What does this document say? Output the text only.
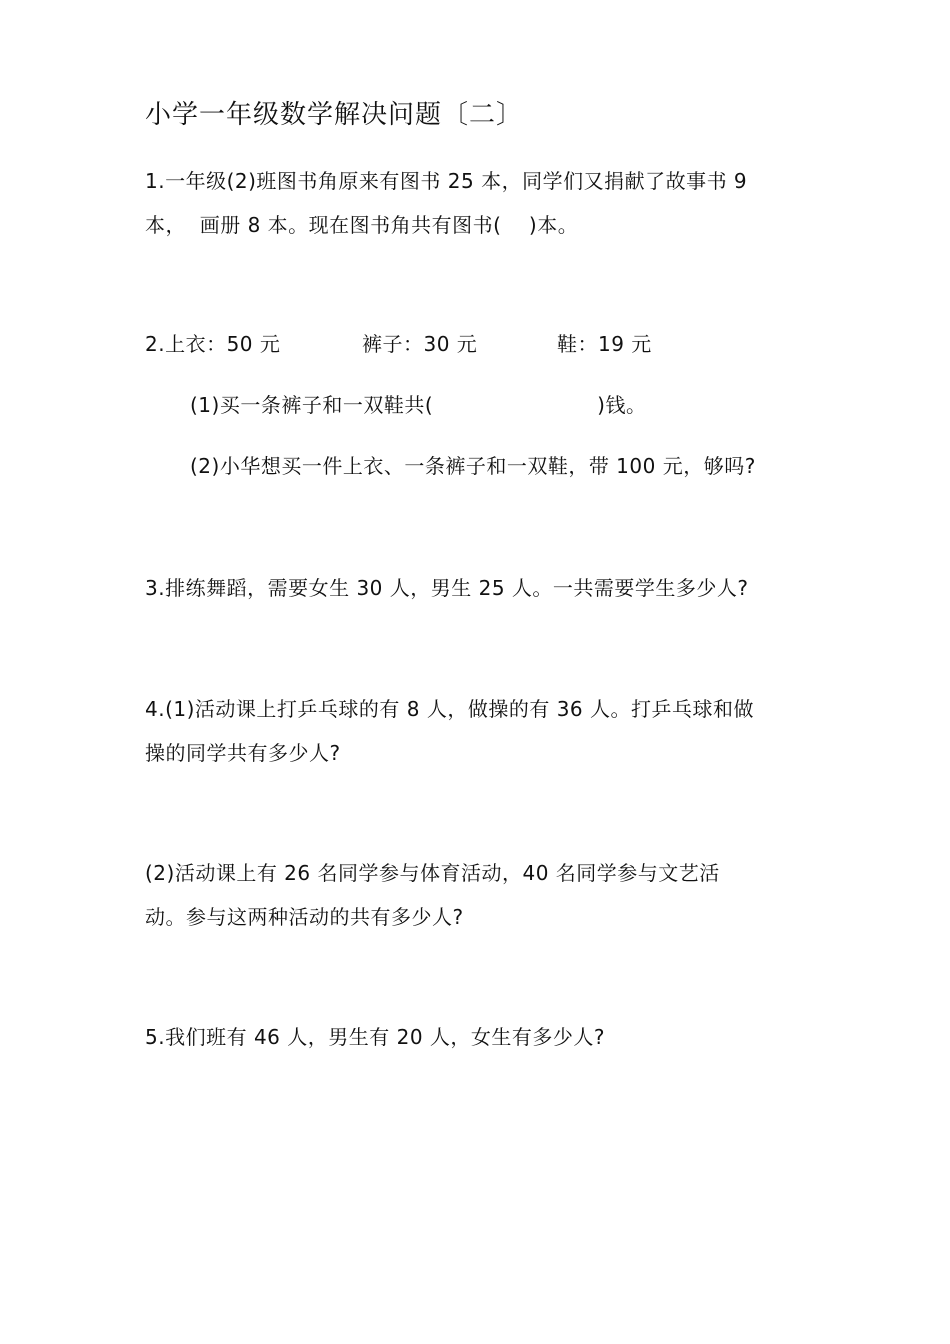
小学一年级数学解决问题〔二〕
1.一年级(2)班图书角原来有图书 25 本，同学们又捐献了故事书 9
本，  画册 8 本。现在图书角共有图书(    )本。
2.上衣：50 元	裤子：30 元	鞋：19 元
(1)买一条裤子和一双鞋共(	)钱。
(2)小华想买一件上衣、一条裤子和一双鞋，带 100 元，够吗?
3.排练舞蹈，需要女生 30 人，男生 25 人。一共需要学生多少人?
4.(1)活动课上打乒乓球的有 8 人，做操的有 36 人。打乒乓球和做
操的同学共有多少人?
(2)活动课上有 26 名同学参与体育活动，40 名同学参与文艺活
动。参与这两种活动的共有多少人?
5.我们班有 46 人，男生有 20 人，女生有多少人?
